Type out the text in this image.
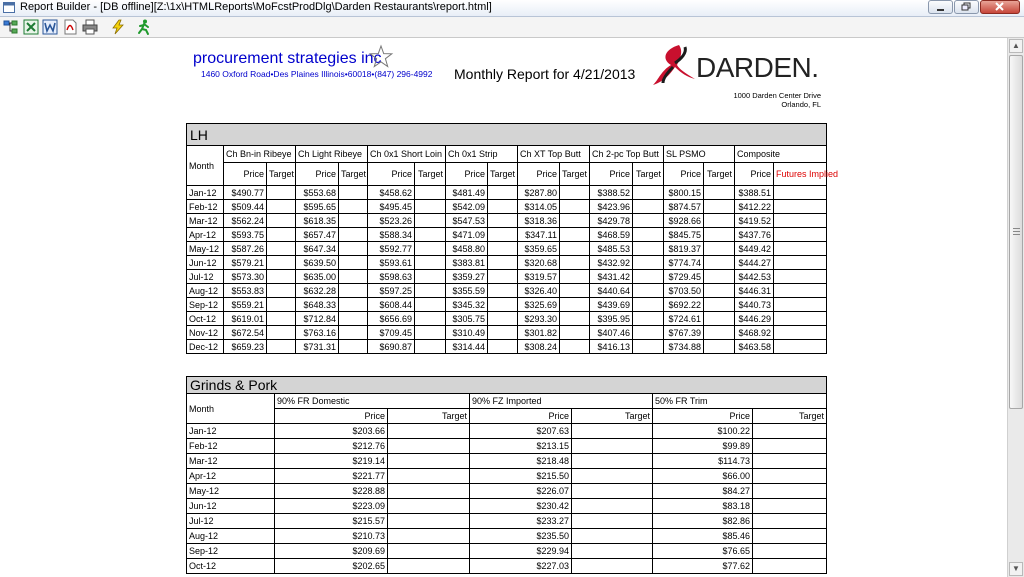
Report Builder - [DB offline][Z:\1x\HTMLReports\MoFcstProdDlg\Darden Restaurants\report.html]
procurement strategies inc
1460 Oxford Road•Des Plaines Illinois•60018•(847) 296-4992 Monthly Report for 4/21/2013 DARDEN.
1000 Darden Center Drive
Orlando, FL
LH																
Month	Ch Bn-in Ribeye		Ch Light Ribeye		Ch 0x1 Short Loin		Ch 0x1 Strip		Ch XT Top Butt		Ch 2-pc Top Butt		SL PSMO		Composite	
	Price	Target	Price	Target	Price	Target	Price	Target	Price	Target	Price	Target	Price	Target	Price	Futures Implied
Jan-12	$490.77		$553.68		$458.62		$481.49		$287.80		$388.52		$800.15		$388.51	
Feb-12	$509.44		$595.65		$495.45		$542.09		$314.05		$423.96		$874.57		$412.22	
Mar-12	$562.24		$618.35		$523.26		$547.53		$318.36		$429.78		$928.66		$419.52	
Apr-12	$593.75		$657.47		$588.34		$471.09		$347.11		$468.59		$845.75		$437.76	
May-12	$587.26		$647.34		$592.77		$458.80		$359.65		$485.53		$819.37		$449.42	
Jun-12	$579.21		$639.50		$593.61		$383.81		$320.68		$432.92		$774.74		$444.27	
Jul-12	$573.30		$635.00		$598.63		$359.27		$319.57		$431.42		$729.45		$442.53	
Aug-12	$553.83		$632.28		$597.25		$355.59		$326.40		$440.64		$703.50		$446.31	
Sep-12	$559.21		$648.33		$608.44		$345.32		$325.69		$439.69		$692.22		$440.73	
Oct-12	$619.01		$712.84		$656.69		$305.75		$293.30		$395.95		$724.61		$446.29	
Nov-12	$672.54		$763.16		$709.45		$310.49		$301.82		$407.46		$767.39		$468.92	
Dec-12	$659.23		$731.31		$690.87		$314.44		$308.24		$416.13		$734.88		$463.58	
Grinds & Pork						
Month	90% FR Domestic		90% FZ Imported		50% FR Trim	
	Price	Target	Price	Target	Price	Target
Jan-12	$203.66		$207.63		$100.22	
Feb-12	$212.76		$213.15		$99.89	
Mar-12	$219.14		$218.48		$114.73	
Apr-12	$221.77		$215.50		$66.00	
May-12	$228.88		$226.07		$84.27	
Jun-12	$223.09		$230.42		$83.18	
Jul-12	$215.57		$233.27		$82.86	
Aug-12	$210.73		$235.50		$85.46	
Sep-12	$209.69		$229.94		$76.65	
Oct-12	$202.65		$227.03		$77.62	
▲
▼
